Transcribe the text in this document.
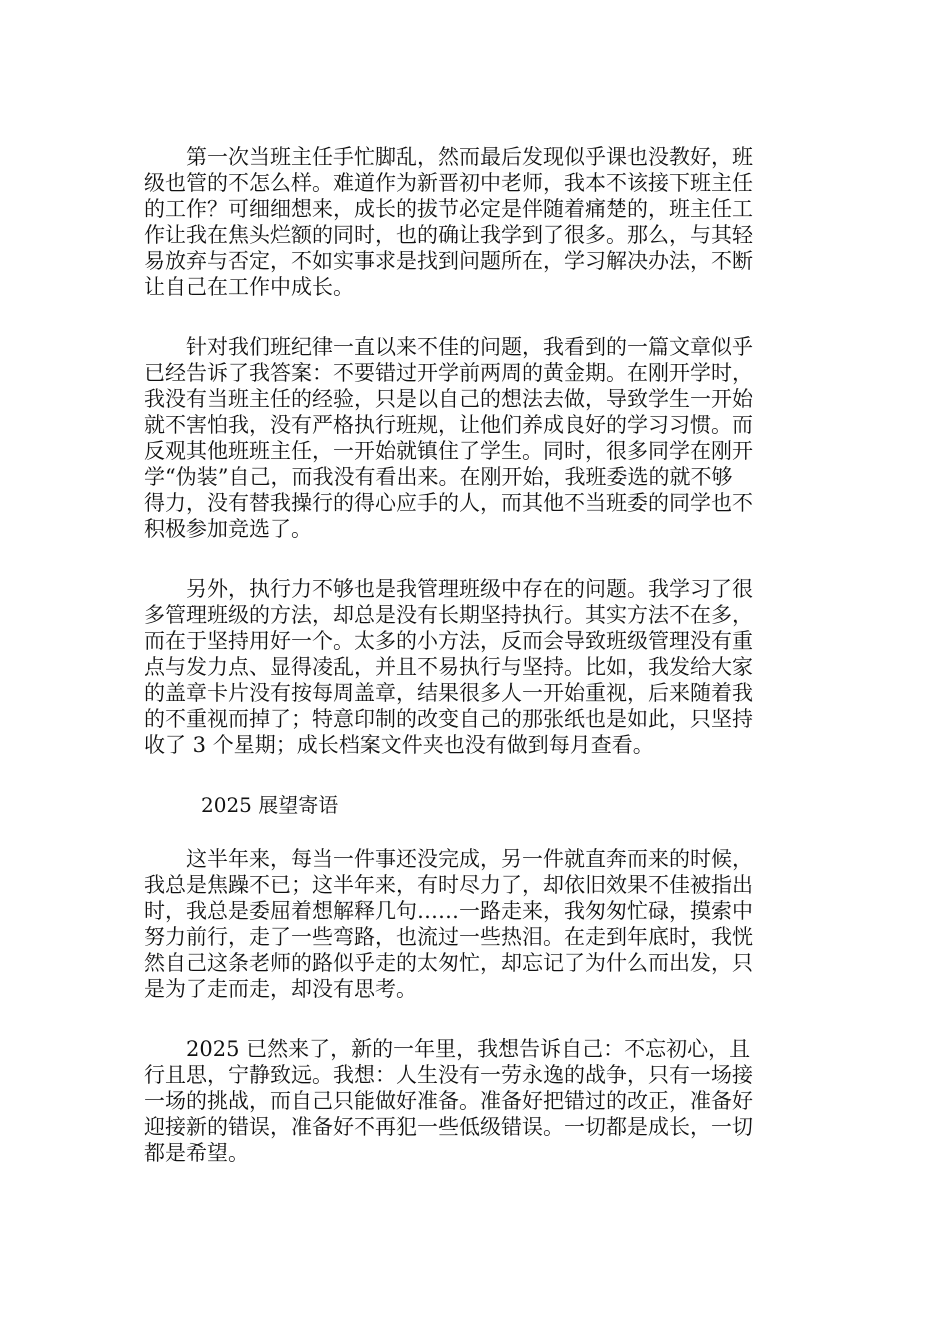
第一次当班主任手忙脚乱，然而最后发现似乎课也没教好，班
级也管的不怎么样。难道作为新晋初中老师，我本不该接下班主任
的工作？可细细想来，成长的拔节必定是伴随着痛楚的，班主任工
作让我在焦头烂额的同时，也的确让我学到了很多。那么，与其轻
易放弃与否定，不如实事求是找到问题所在，学习解决办法，不断
让自己在工作中成长。
针对我们班纪律一直以来不佳的问题，我看到的一篇文章似乎
已经告诉了我答案：不要错过开学前两周的黄金期。在刚开学时，
我没有当班主任的经验，只是以自己的想法去做，导致学生一开始
就不害怕我，没有严格执行班规，让他们养成良好的学习习惯。而
反观其他班班主任，一开始就镇住了学生。同时，很多同学在刚开
学“伪装”自己，而我没有看出来。在刚开始，我班委选的就不够
得力，没有替我操行的得心应手的人，而其他不当班委的同学也不
积极参加竞选了。
另外，执行力不够也是我管理班级中存在的问题。我学习了很
多管理班级的方法，却总是没有长期坚持执行。其实方法不在多，
而在于坚持用好一个。太多的小方法，反而会导致班级管理没有重
点与发力点、显得凌乱，并且不易执行与坚持。比如，我发给大家
的盖章卡片没有按每周盖章，结果很多人一开始重视，后来随着我
的不重视而掉了；特意印制的改变自己的那张纸也是如此，只坚持
收了 3 个星期；成长档案文件夹也没有做到每月查看。
2025 展望寄语
这半年来，每当一件事还没完成，另一件就直奔而来的时候，
我总是焦躁不已；这半年来，有时尽力了，却依旧效果不佳被指出
时，我总是委屈着想解释几句……一路走来，我匆匆忙碌，摸索中
努力前行，走了一些弯路，也流过一些热泪。在走到年底时，我恍
然自己这条老师的路似乎走的太匆忙，却忘记了为什么而出发，只
是为了走而走，却没有思考。
2025 已然来了，新的一年里，我想告诉自己：不忘初心，且
行且思，宁静致远。我想：人生没有一劳永逸的战争，只有一场接
一场的挑战，而自己只能做好准备。准备好把错过的改正，准备好
迎接新的错误，准备好不再犯一些低级错误。一切都是成长，一切
都是希望。
